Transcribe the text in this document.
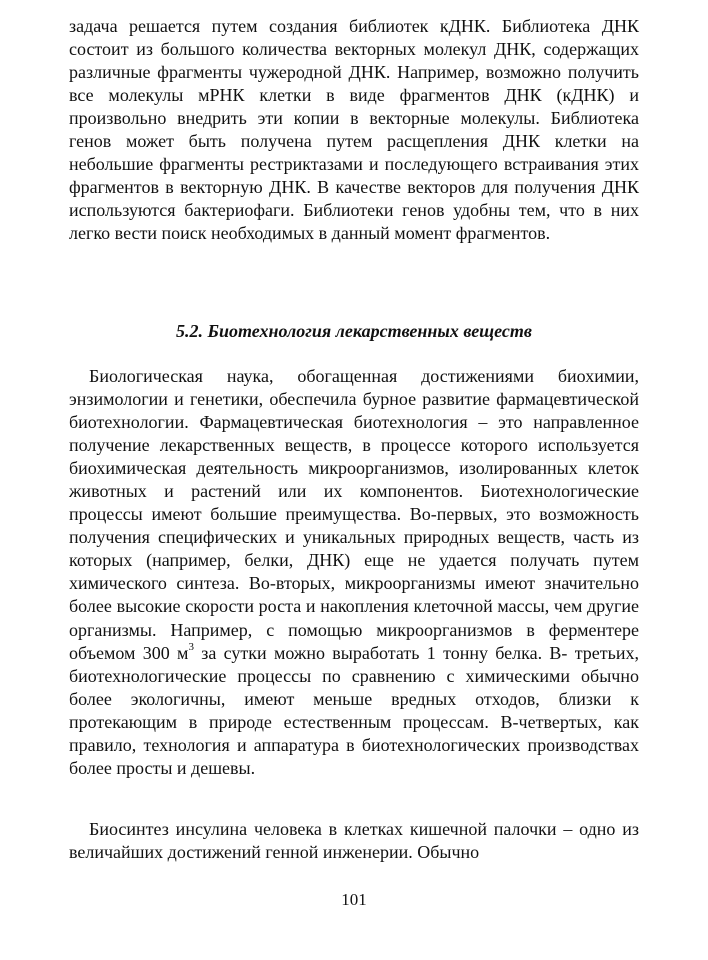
задача решается путем создания библиотек кДНК. Библиотека ДНК состоит из большого количества векторных молекул ДНК, содержащих различные фрагменты чужеродной ДНК. Например, возможно получить все молекулы мРНК клетки в виде фрагментов ДНК (кДНК) и произвольно внедрить эти копии в векторные молекулы. Библиотека генов может быть получена путем расщепления ДНК клетки на небольшие фрагменты рестриктазами и последующего встраивания этих фрагментов в векторную ДНК. В качестве векторов для получения ДНК используются бактериофаги. Библиотеки генов удобны тем, что в них легко вести поиск необходимых в данный момент фрагментов.

5.2. Биотехнология лекарственных веществ

Биологическая наука, обогащенная достижениями биохимии, энзимологии и генетики, обеспечила бурное развитие фармацевтической биотехнологии. Фармацевтическая биотехнология – это направленное получение лекарственных веществ, в процессе которого используется биохимическая деятельность микроорганизмов, изолированных клеток животных и растений или их компонентов. Биотехнологические процессы имеют большие преимущества. Во-первых, это возможность получения специфических и уникальных природных веществ, часть из которых (например, белки, ДНК) еще не удается получать путем химического синтеза. Во-вторых, микроорганизмы имеют значительно более высокие скорости роста и накопления клеточной массы, чем другие организмы. Например, с помощью микроорганизмов в ферментере объемом 300 $м^3$ за сутки можно выработать 1 тонну белка. В- третьих, биотехнологические процессы по сравнению с химическими обычно более экологичны, имеют меньше вредных отходов, близки к протекающим в природе естественным процессам. В-четвертых, как правило, технология и аппаратура в биотехнологических производствах более просты и дешевы.

Биосинтез инсулина человека в клетках кишечной палочки – одно из величайших достижений генной инженерии. Обычно

101
